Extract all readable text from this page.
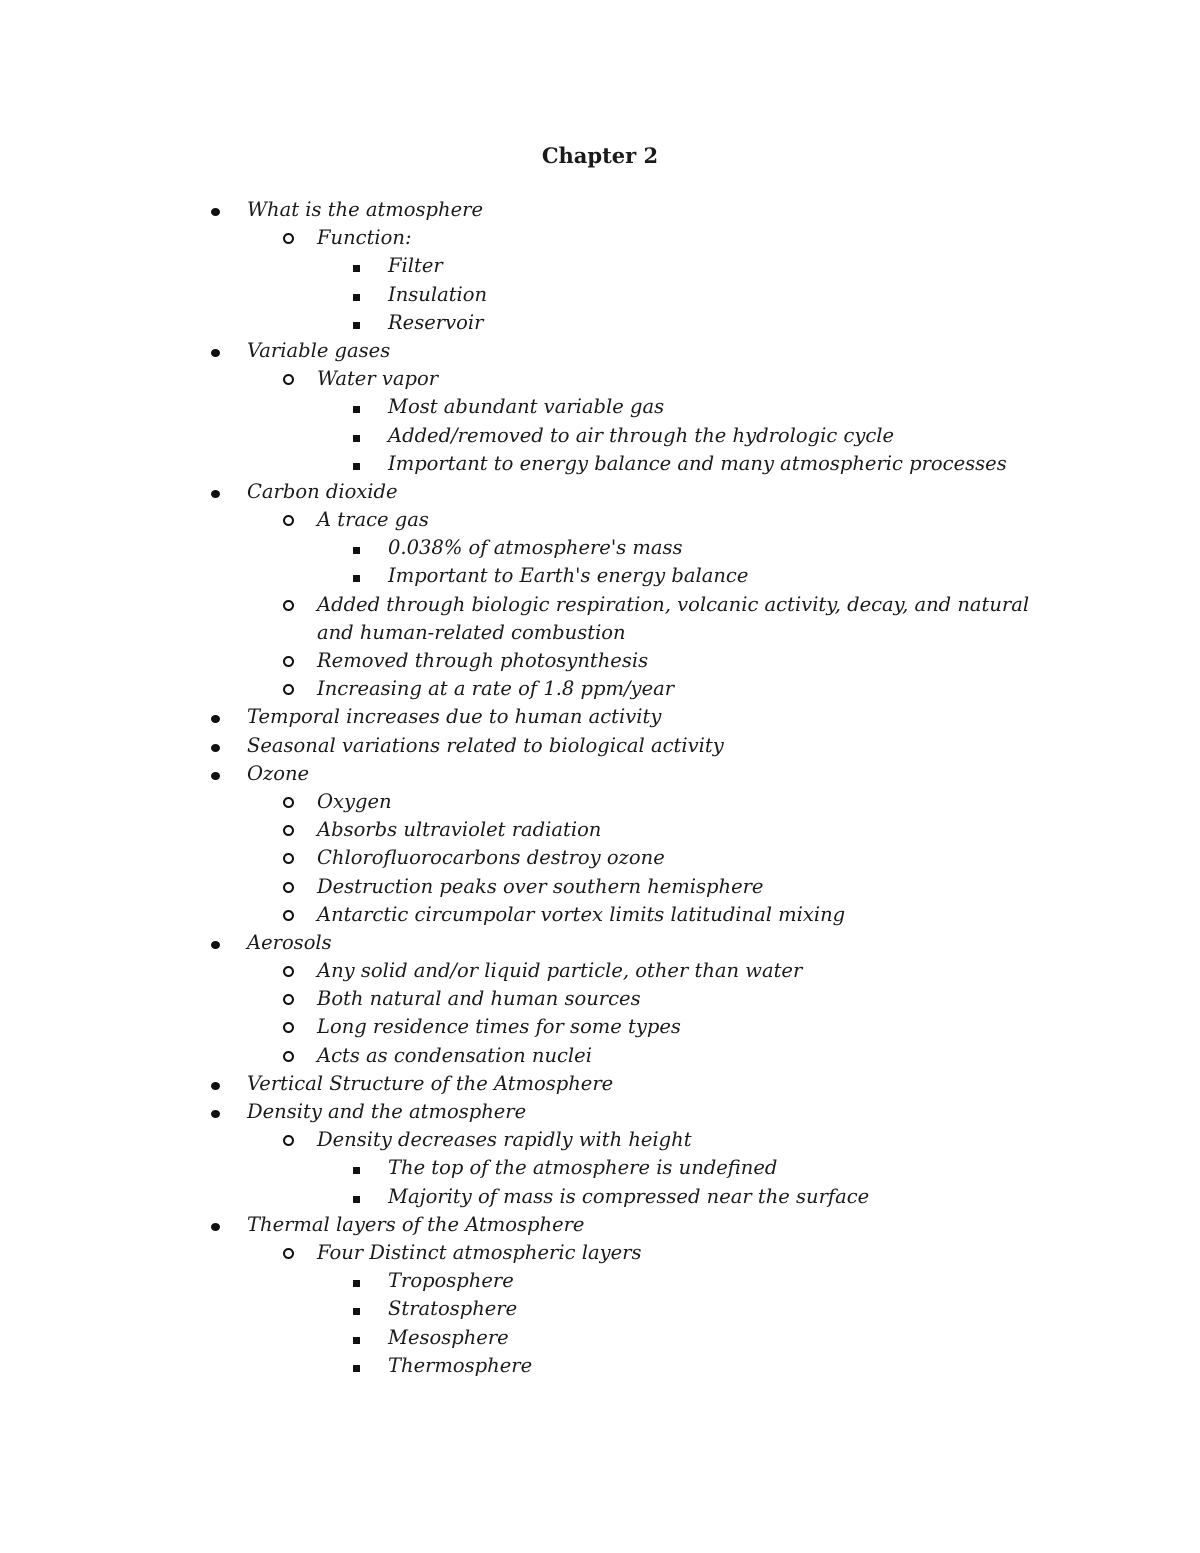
Chapter 2
What is the atmosphere
Function:
Filter
Insulation
Reservoir
Variable gases
Water vapor
Most abundant variable gas
Added/removed to air through the hydrologic cycle
Important to energy balance and many atmospheric processes
Carbon dioxide
A trace gas
0.038% of atmosphere's mass
Important to Earth's energy balance
Added through biologic respiration, volcanic activity, decay, and natural and human-related combustion
Removed through photosynthesis
Increasing at a rate of 1.8 ppm/year
Temporal increases due to human activity
Seasonal variations related to biological activity
Ozone
Oxygen
Absorbs ultraviolet radiation
Chlorofluorocarbons destroy ozone
Destruction peaks over southern hemisphere
Antarctic circumpolar vortex limits latitudinal mixing
Aerosols
Any solid and/or liquid particle, other than water
Both natural and human sources
Long residence times for some types
Acts as condensation nuclei
Vertical Structure of the Atmosphere
Density and the atmosphere
Density decreases rapidly with height
The top of the atmosphere is undefined
Majority of mass is compressed near the surface
Thermal layers of the Atmosphere
Four Distinct atmospheric layers
Troposphere
Stratosphere
Mesosphere
Thermosphere
